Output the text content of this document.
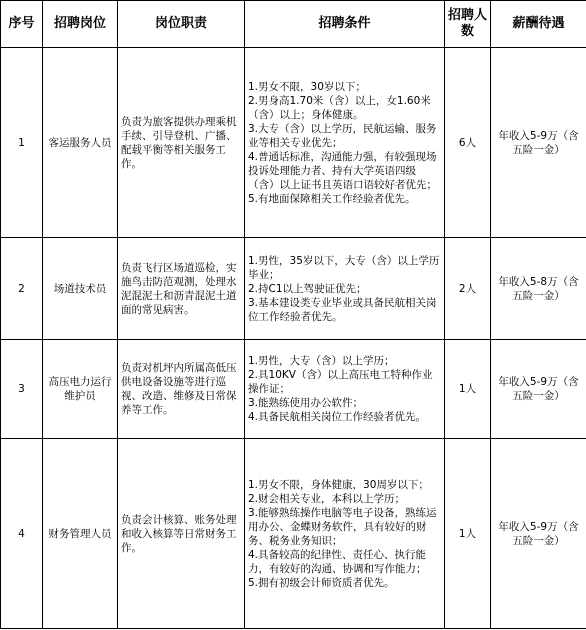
序号	招聘岗位	岗位职责	招聘条件	招聘人数	薪酬待遇
1	客运服务人员	负责为旅客提供办理乘机手续、引导登机、广播、配载平衡等相关服务工作。	1.男女不限，30岁以下；
2.男身高1.70米（含）以上，女1.60米（含）以上；身体健康。
3.大专（含）以上学历，民航运输、服务业等相关专业优先；
4.普通话标准，沟通能力强，有较强现场投诉处理能力者、持有大学英语四级（含）以上证书且英语口语较好者优先；
5.有地面保障相关工作经验者优先。	6人	年收入5-9万（含五险一金）
2	场道技术员	负责飞行区场道巡检，实施鸟击防范观测，处理水泥混泥土和沥青混泥土道面的常见病害。	1.男性，35岁以下，大专（含）以上学历毕业；
2.持C1以上驾驶证优先；
3.基本建设类专业毕业或具备民航相关岗位工作经验者优先。	2人	年收入5-8万（含五险一金）
3	高压电力运行维护员	负责对机坪内所属高低压供电设备设施等进行巡视、改造、维修及日常保养等工作。	1.男性，大专（含）以上学历；
2.具10KV（含）以上高压电工特种作业操作证；
3.能熟练使用办公软件；
4.具备民航相关岗位工作经验者优先。	1人	年收入5-9万（含五险一金）
4	财务管理人员	负责会计核算、账务处理和收入核算等日常财务工作。	1.男女不限，身体健康，30周岁以下；
2.财会相关专业，本科以上学历；
3.能够熟练操作电脑等电子设备，熟练运用办公、金蝶财务软件，具有较好的财务、税务业务知识；
4.具备较高的纪律性、责任心、执行能力，有较好的沟通、协调和写作能力；
5.拥有初级会计师资质者优先。	1人	年收入5-9万（含五险一金）
